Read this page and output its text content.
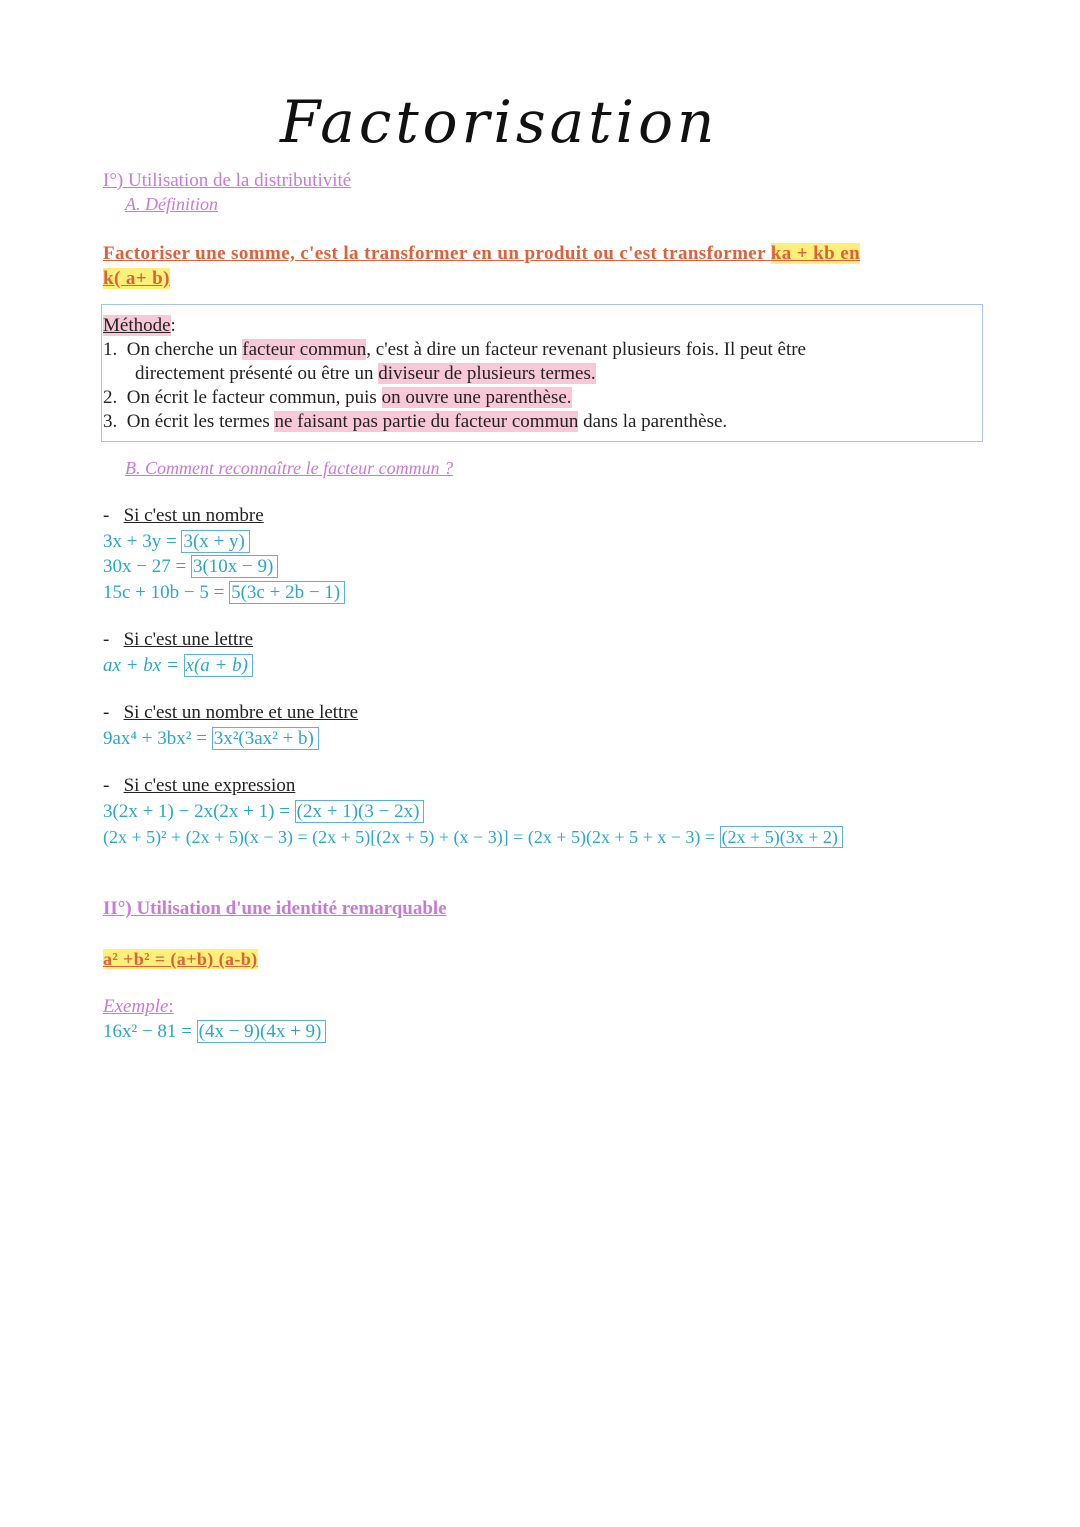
Factorisation
I°) Utilisation de la distributivité
A. Définition
Factoriser une somme, c'est la transformer en un produit ou c'est transformer ka + kb en
k( a+ b)
Méthode:
1. On cherche un facteur commun, c'est à dire un facteur revenant plusieurs fois. Il peut être
directement présenté ou être un diviseur de plusieurs termes.
2. On écrit le facteur commun, puis on ouvre une parenthèse.
3. On écrit les termes ne faisant pas partie du facteur commun dans la parenthèse.
B. Comment reconnaître le facteur commun ?
-   Si c'est un nombre
3x + 3y = 3(x + y)
30x − 27 = 3(10x − 9)
15c + 10b − 5 = 5(3c + 2b − 1)
-   Si c'est une lettre
ax + bx = x(a + b)
-   Si c'est un nombre et une lettre
9ax⁴ + 3bx² = 3x²(3ax² + b)
-   Si c'est une expression
3(2x + 1) − 2x(2x + 1) = (2x + 1)(3 − 2x)
(2x + 5)² + (2x + 5)(x − 3) = (2x + 5)[(2x + 5) + (x − 3)] = (2x + 5)(2x + 5 + x − 3) = (2x + 5)(3x + 2)
II°) Utilisation d'une identité remarquable
a² +b² = (a+b) (a-b)
Exemple:
16x² − 81 = (4x − 9)(4x + 9)
